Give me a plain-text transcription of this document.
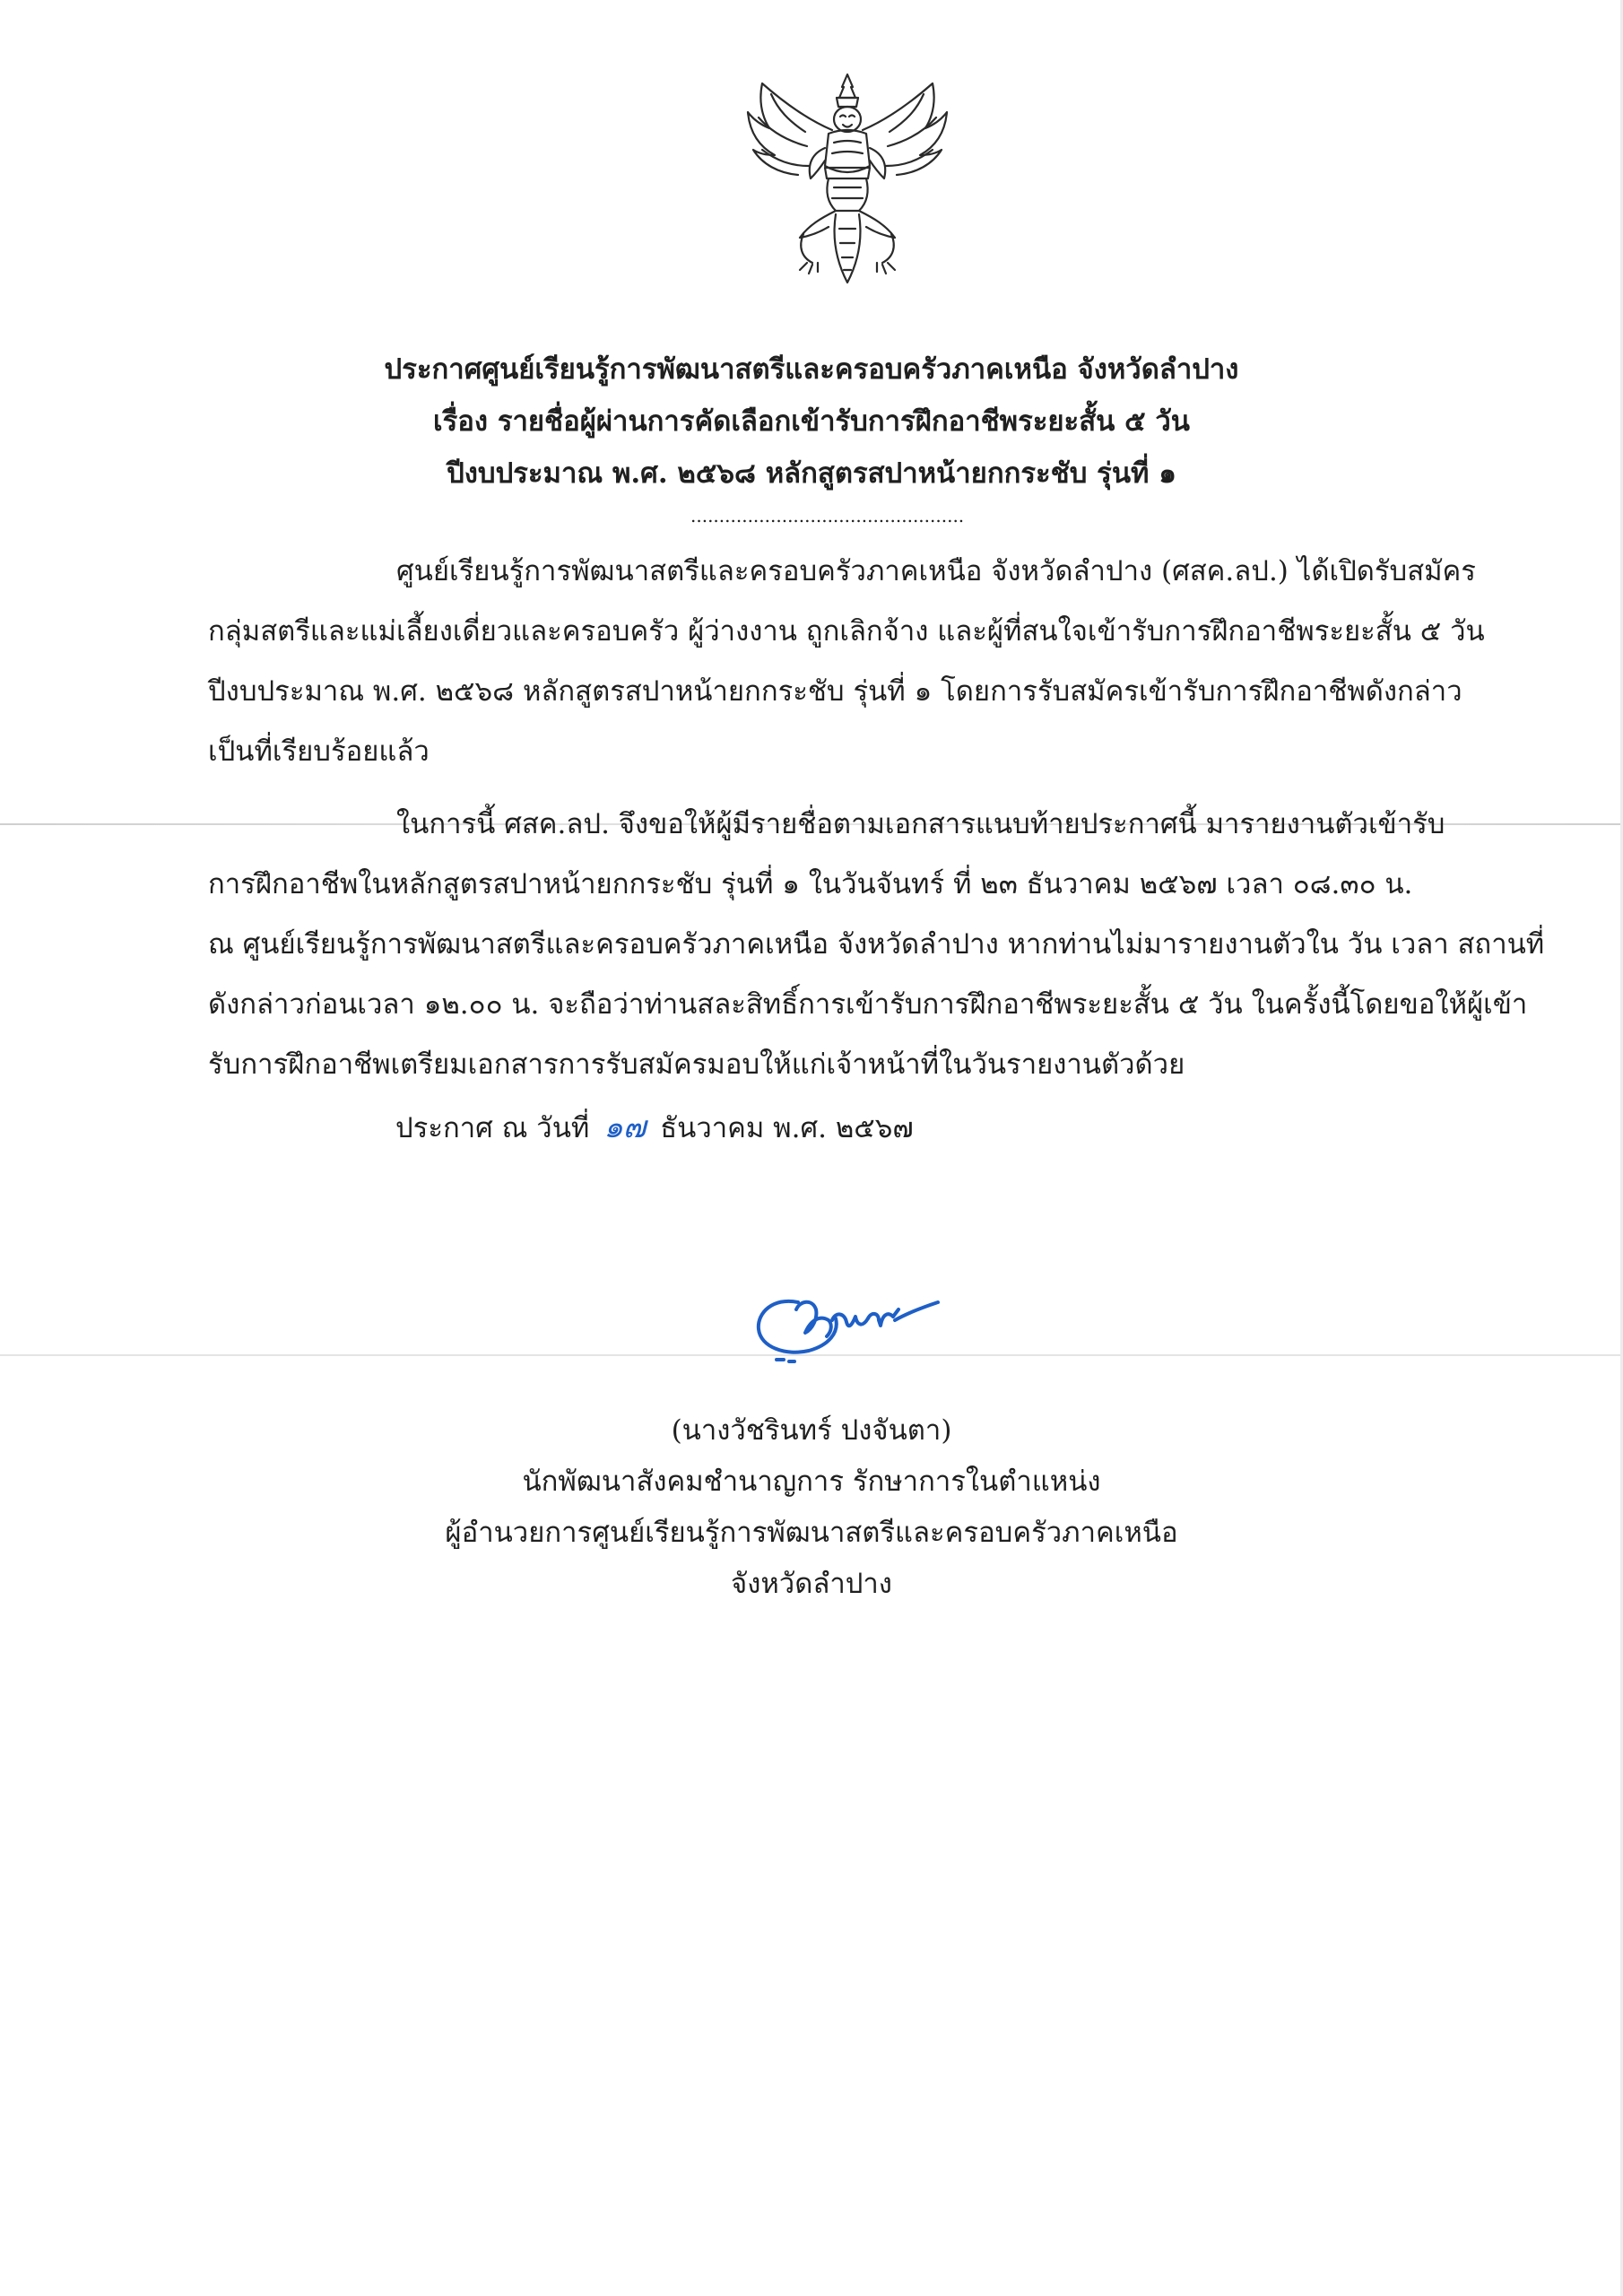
ประกาศศูนย์เรียนรู้การพัฒนาสตรีและครอบครัวภาคเหนือ จังหวัดลำปาง
เรื่อง รายชื่อผู้ผ่านการคัดเลือกเข้ารับการฝึกอาชีพระยะสั้น ๕ วัน
ปีงบประมาณ พ.ศ. ๒๕๖๘ หลักสูตรสปาหน้ายกกระชับ รุ่นที่ ๑
................................................

ศูนย์เรียนรู้การพัฒนาสตรีและครอบครัวภาคเหนือ จังหวัดลำปาง (ศสค.ลป.) ได้เปิดรับสมัคร

กลุ่มสตรีและแม่เลี้ยงเดี่ยวและครอบครัว ผู้ว่างงาน ถูกเลิกจ้าง และผู้ที่สนใจเข้ารับการฝึกอาชีพระยะสั้น ๕ วัน

ปีงบประมาณ พ.ศ. ๒๕๖๘ หลักสูตรสปาหน้ายกกระชับ รุ่นที่ ๑ โดยการรับสมัครเข้ารับการฝึกอาชีพดังกล่าว

เป็นที่เรียบร้อยแล้ว

ในการนี้ ศสค.ลป. จึงขอให้ผู้มีรายชื่อตามเอกสารแนบท้ายประกาศนี้ มารายงานตัวเข้ารับ

การฝึกอาชีพในหลักสูตรสปาหน้ายกกระชับ รุ่นที่ ๑ ในวันจันทร์ ที่ ๒๓ ธันวาคม ๒๕๖๗ เวลา ๐๘.๓๐ น.

ณ ศูนย์เรียนรู้การพัฒนาสตรีและครอบครัวภาคเหนือ จังหวัดลำปาง หากท่านไม่มารายงานตัวใน วัน เวลา สถานที่

ดังกล่าวก่อนเวลา ๑๒.๐๐ น. จะถือว่าท่านสละสิทธิ์การเข้ารับการฝึกอาชีพระยะสั้น ๕ วัน ในครั้งนี้โดยขอให้ผู้เข้า

รับการฝึกอาชีพเตรียมเอกสารการรับสมัครมอบให้แก่เจ้าหน้าที่ในวันรายงานตัวด้วย

ประกาศ ณ วันที่ ๑๗ ธันวาคม พ.ศ. ๒๕๖๗
(นางวัชรินทร์ ปงจันตา)
นักพัฒนาสังคมชำนาญการ รักษาการในตำแหน่ง
ผู้อำนวยการศูนย์เรียนรู้การพัฒนาสตรีและครอบครัวภาคเหนือ
จังหวัดลำปาง
